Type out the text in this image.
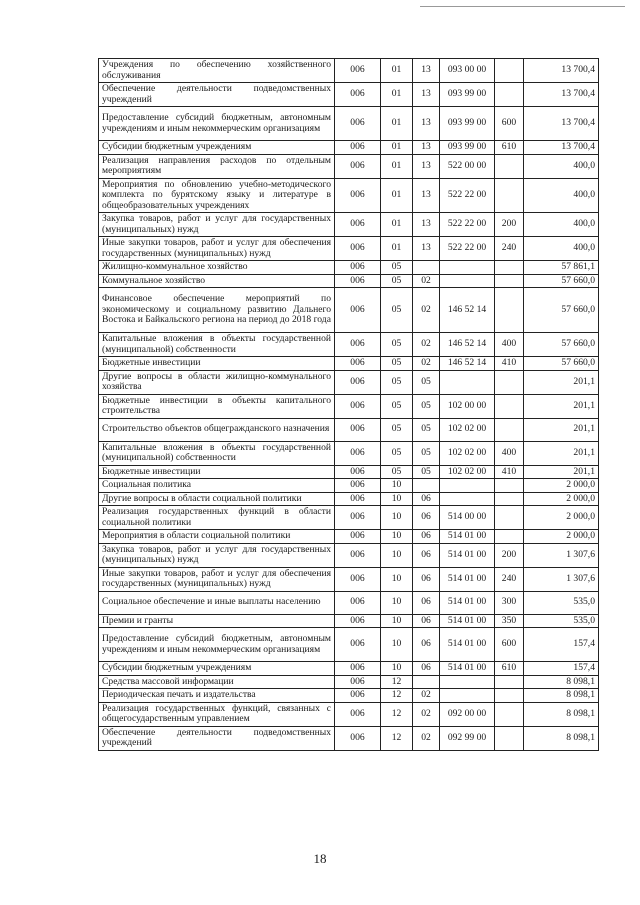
Учреждения по обеспечению хозяйственного обслуживания	006	01	13	093 00 00		13 700,4
Обеспечение деятельности подведомственных учреждений	006	01	13	093 99 00		13 700,4
Предоставление субсидий бюджетным, автономным учреждениям и иным некоммерческим организациям	006	01	13	093 99 00	600	13 700,4
Субсидии бюджетным учреждениям	006	01	13	093 99 00	610	13 700,4
Реализация направления расходов по отдельным мероприятиям	006	01	13	522 00 00		400,0
Мероприятия по обновлению учебно-методического комплекта по бурятскому языку и литературе в общеобразовательных учреждениях	006	01	13	522 22 00		400,0
Закупка товаров, работ и услуг для государственных (муниципальных) нужд	006	01	13	522 22 00	200	400,0
Иные закупки товаров, работ и услуг для обеспечения государственных (муниципальных) нужд	006	01	13	522 22 00	240	400,0
Жилищно-коммунальное хозяйство	006	05				57 861,1
Коммунальное хозяйство	006	05	02			57 660,0
Финансовое обеспечение мероприятий по экономическому и социальному развитию Дальнего Востока и Байкальского региона на период до 2018 года	006	05	02	146 52 14		57 660,0
Капитальные вложения в объекты государственной (муниципальной) собственности	006	05	02	146 52 14	400	57 660,0
Бюджетные инвестиции	006	05	02	146 52 14	410	57 660,0
Другие вопросы в области жилищно-коммунального хозяйства	006	05	05			201,1
Бюджетные инвестиции в объекты капитального строительства	006	05	05	102 00 00		201,1
Строительство объектов общегражданского назначения	006	05	05	102 02 00		201,1
Капитальные вложения в объекты государственной (муниципальной) собственности	006	05	05	102 02 00	400	201,1
Бюджетные инвестиции	006	05	05	102 02 00	410	201,1
Социальная политика	006	10				2 000,0
Другие вопросы в области социальной политики	006	10	06			2 000,0
Реализация государственных функций в области социальной политики	006	10	06	514 00 00		2 000,0
Мероприятия в области социальной политики	006	10	06	514 01 00		2 000,0
Закупка товаров, работ и услуг для государственных (муниципальных) нужд	006	10	06	514 01 00	200	1 307,6
Иные закупки товаров, работ и услуг для обеспечения государственных (муниципальных) нужд	006	10	06	514 01 00	240	1 307,6
Социальное обеспечение и иные выплаты населению	006	10	06	514 01 00	300	535,0
Премии и гранты	006	10	06	514 01 00	350	535,0
Предоставление субсидий бюджетным, автономным учреждениям и иным некоммерческим организациям	006	10	06	514 01 00	600	157,4
Субсидии бюджетным учреждениям	006	10	06	514 01 00	610	157,4
Средства массовой информации	006	12				8 098,1
Периодическая печать и издательства	006	12	02			8 098,1
Реализация государственных функций, связанных с общегосударственным управлением	006	12	02	092 00 00		8 098,1
Обеспечение деятельности подведомственных учреждений	006	12	02	092 99 00		8 098,1
18
